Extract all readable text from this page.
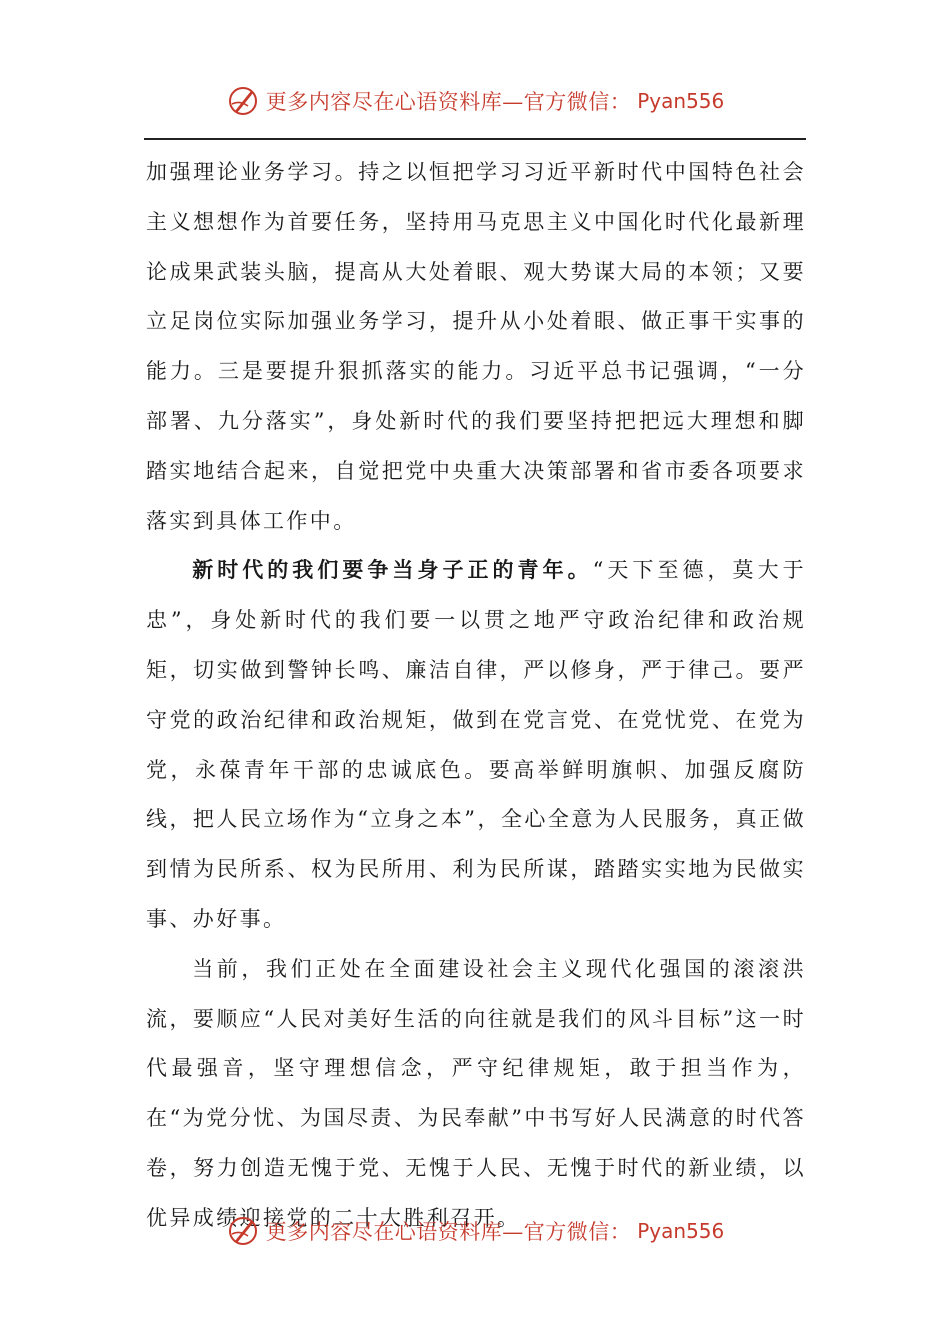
更多内容尽在心语资料库—官方微信： Pyan556

加强理论业务学习。持之以恒把学习习近平新时代中国特色社会主义想想作为首要任务，坚持用马克思主义中国化时代化最新理论成果武装头脑，提高从大处着眼、观大势谋大局的本领；又要立足岗位实际加强业务学习，提升从小处着眼、做正事干实事的能力。三是要提升狠抓落实的能力。习近平总书记强调，“一分部署、九分落实”，身处新时代的我们要坚持把把远大理想和脚踏实地结合起来，自觉把党中央重大决策部署和省市委各项要求落实到具体工作中。

新时代的我们要争当身子正的青年。“天下至德，莫大于忠”，身处新时代的我们要一以贯之地严守政治纪律和政治规矩，切实做到警钟长鸣、廉洁自律，严以修身，严于律己。要严守党的政治纪律和政治规矩，做到在党言党、在党忧党、在党为党，永葆青年干部的忠诚底色。要高举鲜明旗帜、加强反腐防线，把人民立场作为“立身之本”，全心全意为人民服务，真正做到情为民所系、权为民所用、利为民所谋，踏踏实实地为民做实事、办好事。

当前，我们正处在全面建设社会主义现代化强国的滚滚洪流，要顺应“人民对美好生活的向往就是我们的风斗目标”这一时代最强音，坚守理想信念，严守纪律规矩，敢于担当作为，在“为党分忧、为国尽责、为民奉献”中书写好人民满意的时代答卷，努力创造无愧于党、无愧于人民、无愧于时代的新业绩，以优异成绩迎接党的二十大胜利召开。

更多内容尽在心语资料库—官方微信： Pyan556
